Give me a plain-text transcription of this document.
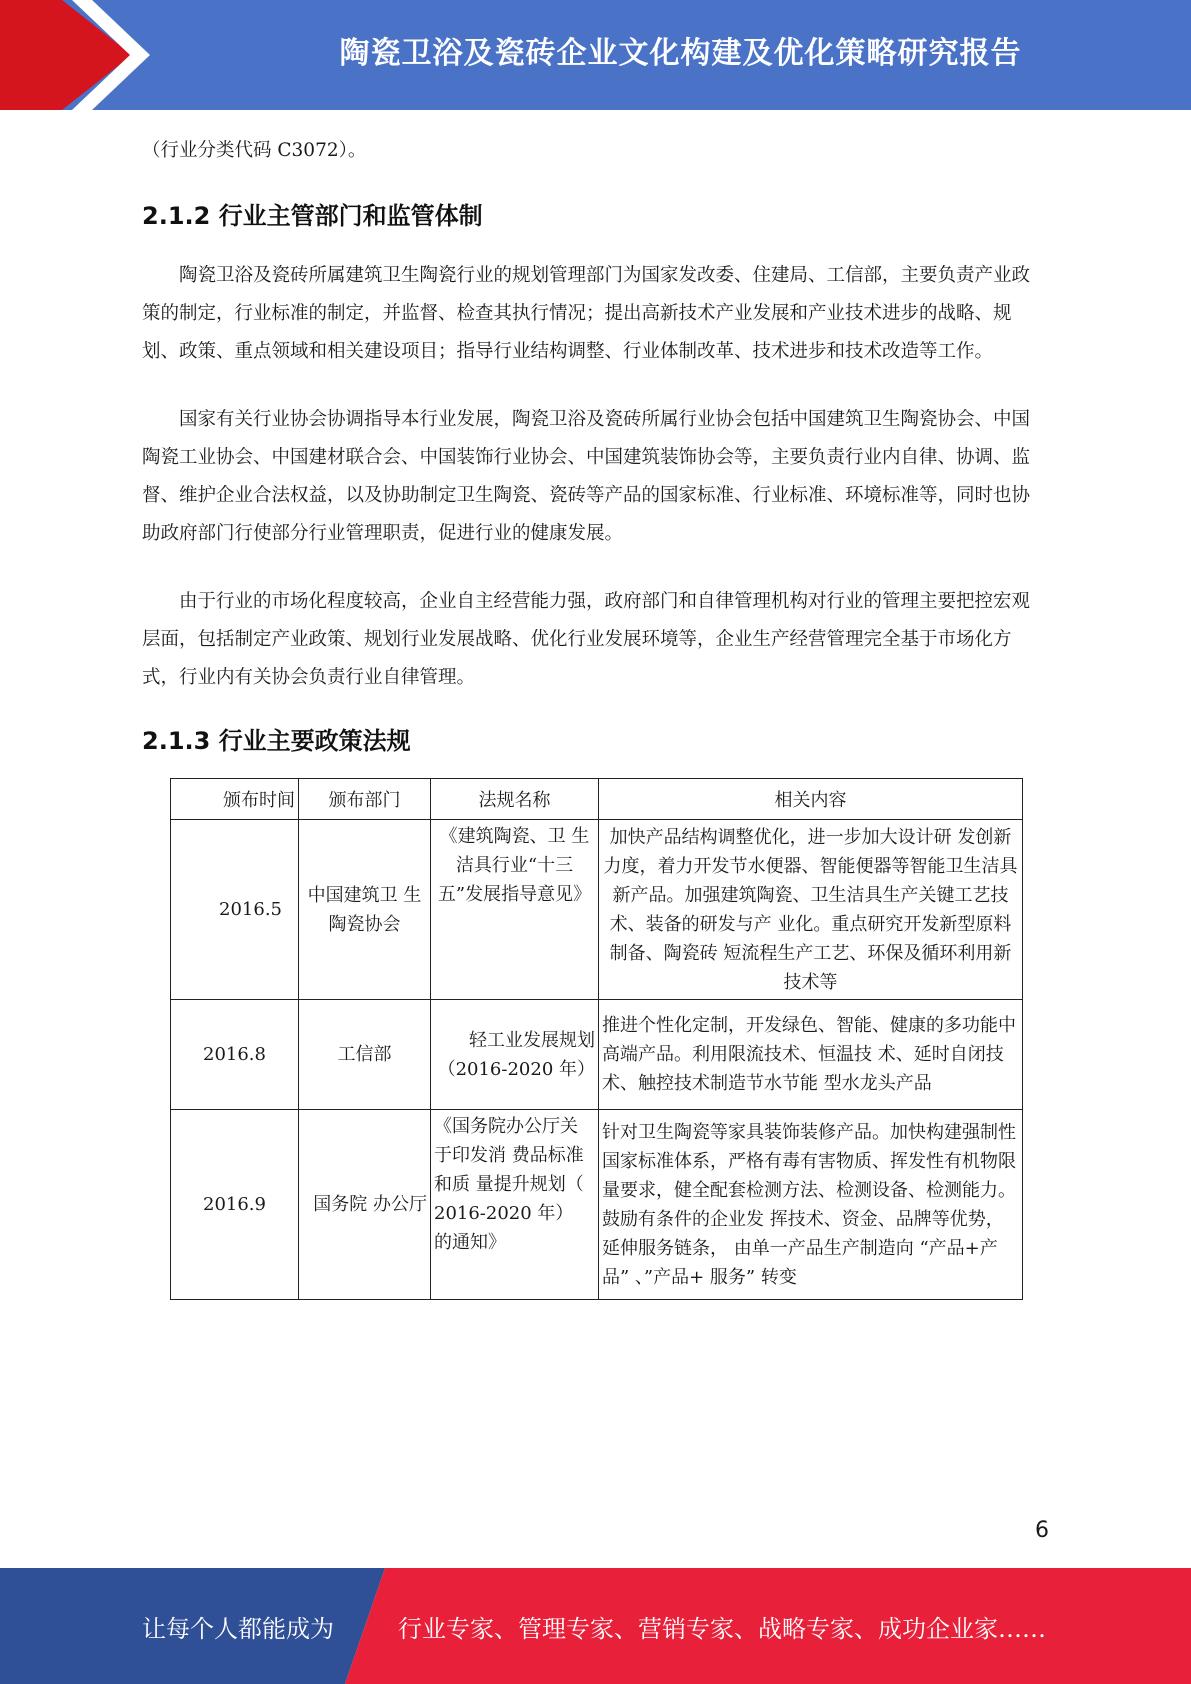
陶瓷卫浴及瓷砖企业文化构建及优化策略研究报告

（行业分类代码 C3072）。

2.1.2 行业主管部门和监管体制

陶瓷卫浴及瓷砖所属建筑卫生陶瓷行业的规划管理部门为国家发改委、住建局、工信部，主要负责产业政策的制定，行业标准的制定，并监督、检查其执行情况；提出高新技术产业发展和产业技术进步的战略、规划、政策、重点领域和相关建设项目；指导行业结构调整、行业体制改革、技术进步和技术改造等工作。

国家有关行业协会协调指导本行业发展，陶瓷卫浴及瓷砖所属行业协会包括中国建筑卫生陶瓷协会、中国陶瓷工业协会、中国建材联合会、中国装饰行业协会、中国建筑装饰协会等，主要负责行业内自律、协调、监督、维护企业合法权益，以及协助制定卫生陶瓷、瓷砖等产品的国家标准、行业标准、环境标准等，同时也协助政府部门行使部分行业管理职责，促进行业的健康发展。

由于行业的市场化程度较高，企业自主经营能力强，政府部门和自律管理机构对行业的管理主要把控宏观层面，包括制定产业政策、规划行业发展战略、优化行业发展环境等，企业生产经营管理完全基于市场化方式，行业内有关协会负责行业自律管理。

2.1.3 行业主要政策法规
颁布时间	颁布部门	法规名称	相关内容
2016.5	中国建筑卫 生陶瓷协会	《建筑陶瓷、卫 生洁具行业“十三五”发展指导意见》	加快产品结构调整优化，进一步加大设计研 发创新力度，着力开发节水便器、智能便器等智能卫生洁具新产品。加强建筑陶瓷、卫生洁具生产关键工艺技术、装备的研发与产 业化。重点研究开发新型原料制备、陶瓷砖 短流程生产工艺、环保及循环利用新技术等
2016.8	工信部	轻工业发展规划（2016-2020 年）	推进个性化定制，开发绿色、智能、健康的多功能中高端产品。利用限流技术、恒温技 术、延时自闭技术、触控技术制造节水节能 型水龙头产品
2016.9	国务院 办公厅	《国务院办公厅关于印发消 费品标准和质 量提升规划（ 2016-2020 年） 的通知》	针对卫生陶瓷等家具装饰装修产品。加快构建强制性国家标准体系，严格有毒有害物质、挥发性有机物限量要求，健全配套检测方法、检测设备、检测能力。鼓励有条件的企业发 挥技术、资金、品牌等优势，延伸服务链条， 由单一产品生产制造向 “产品+产品” 、”产品+ 服务” 转变
6
让每个人都能成为	行业专家、管理专家、营销专家、战略专家、成功企业家……
